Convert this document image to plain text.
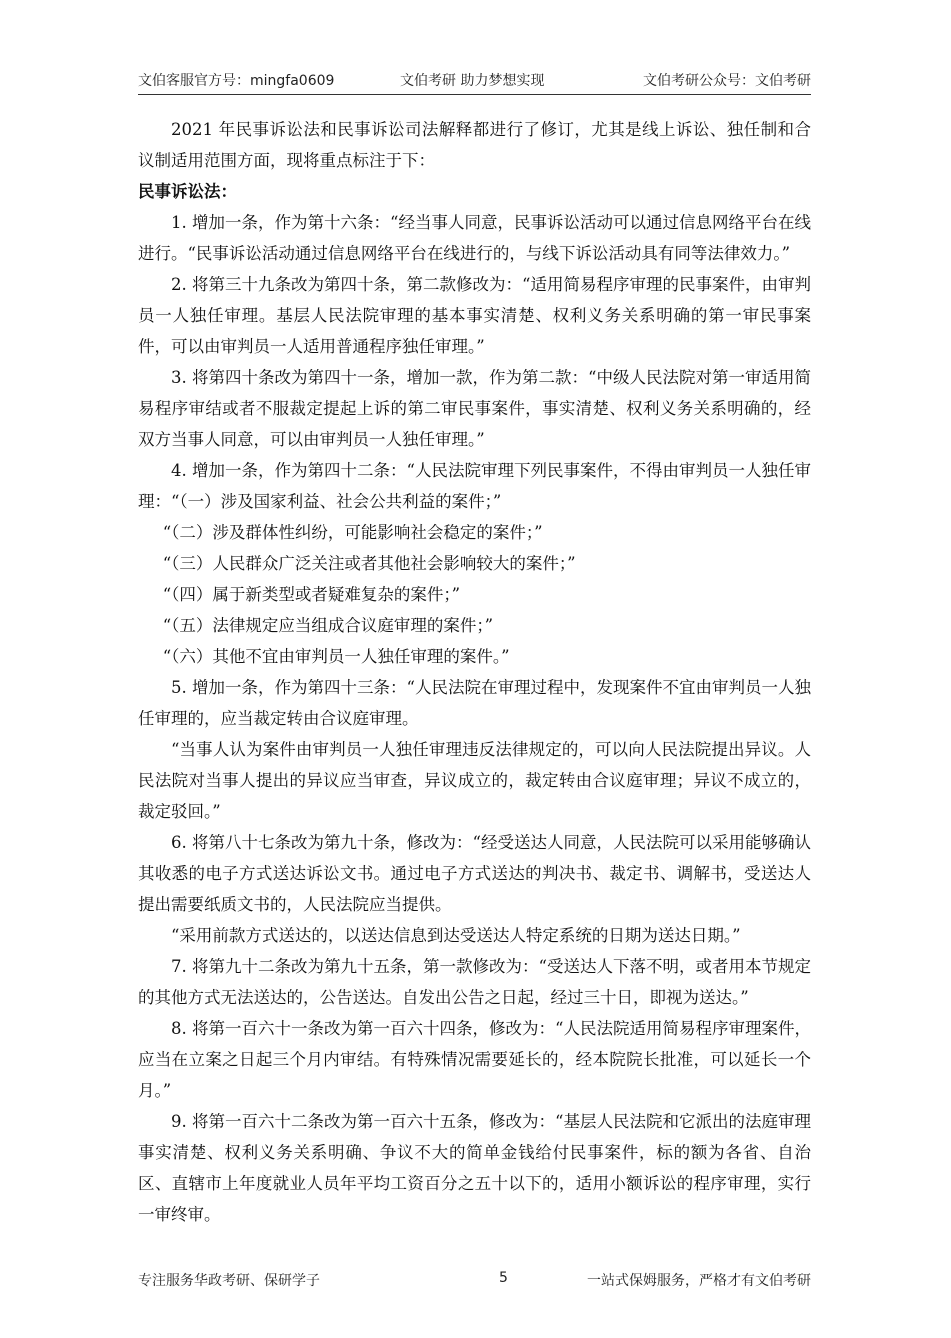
文伯客服官方号：mingfa0609	文伯考研 助力梦想实现	文伯考研公众号：文伯考研

2021 年民事诉讼法和民事诉讼司法解释都进行了修订，尤其是线上诉讼、独任制和合议制适用范围方面，现将重点标注于下：

民事诉讼法：

1. 增加一条，作为第十六条：“经当事人同意，民事诉讼活动可以通过信息网络平台在线进行。“民事诉讼活动通过信息网络平台在线进行的，与线下诉讼活动具有同等法律效力。”

2. 将第三十九条改为第四十条，第二款修改为：“适用简易程序审理的民事案件，由审判员一人独任审理。基层人民法院审理的基本事实清楚、权利义务关系明确的第一审民事案件，可以由审判员一人适用普通程序独任审理。”

3. 将第四十条改为第四十一条，增加一款，作为第二款：“中级人民法院对第一审适用简易程序审结或者不服裁定提起上诉的第二审民事案件，事实清楚、权利义务关系明确的，经双方当事人同意，可以由审判员一人独任审理。”

4. 增加一条，作为第四十二条：“人民法院审理下列民事案件，不得由审判员一人独任审理：“（一）涉及国家利益、社会公共利益的案件；”

“（二）涉及群体性纠纷，可能影响社会稳定的案件；”

“（三）人民群众广泛关注或者其他社会影响较大的案件；”

“（四）属于新类型或者疑难复杂的案件；”

“（五）法律规定应当组成合议庭审理的案件；”

“（六）其他不宜由审判员一人独任审理的案件。”

5. 增加一条，作为第四十三条：“人民法院在审理过程中，发现案件不宜由审判员一人独任审理的，应当裁定转由合议庭审理。

“当事人认为案件由审判员一人独任审理违反法律规定的，可以向人民法院提出异议。人民法院对当事人提出的异议应当审查，异议成立的，裁定转由合议庭审理；异议不成立的，裁定驳回。”

6. 将第八十七条改为第九十条，修改为：“经受送达人同意，人民法院可以采用能够确认其收悉的电子方式送达诉讼文书。通过电子方式送达的判决书、裁定书、调解书，受送达人提出需要纸质文书的，人民法院应当提供。

“采用前款方式送达的，以送达信息到达受送达人特定系统的日期为送达日期。”

7. 将第九十二条改为第九十五条，第一款修改为：“受送达人下落不明，或者用本节规定的其他方式无法送达的，公告送达。自发出公告之日起，经过三十日，即视为送达。”

8. 将第一百六十一条改为第一百六十四条，修改为：“人民法院适用简易程序审理案件，应当在立案之日起三个月内审结。有特殊情况需要延长的，经本院院长批准，可以延长一个月。”

9. 将第一百六十二条改为第一百六十五条，修改为：“基层人民法院和它派出的法庭审理事实清楚、权利义务关系明确、争议不大的简单金钱给付民事案件，标的额为各省、自治区、直辖市上年度就业人员年平均工资百分之五十以下的，适用小额诉讼的程序审理，实行一审终审。

专注服务华政考研、保研学子	5	一站式保姆服务，严格才有文伯考研
